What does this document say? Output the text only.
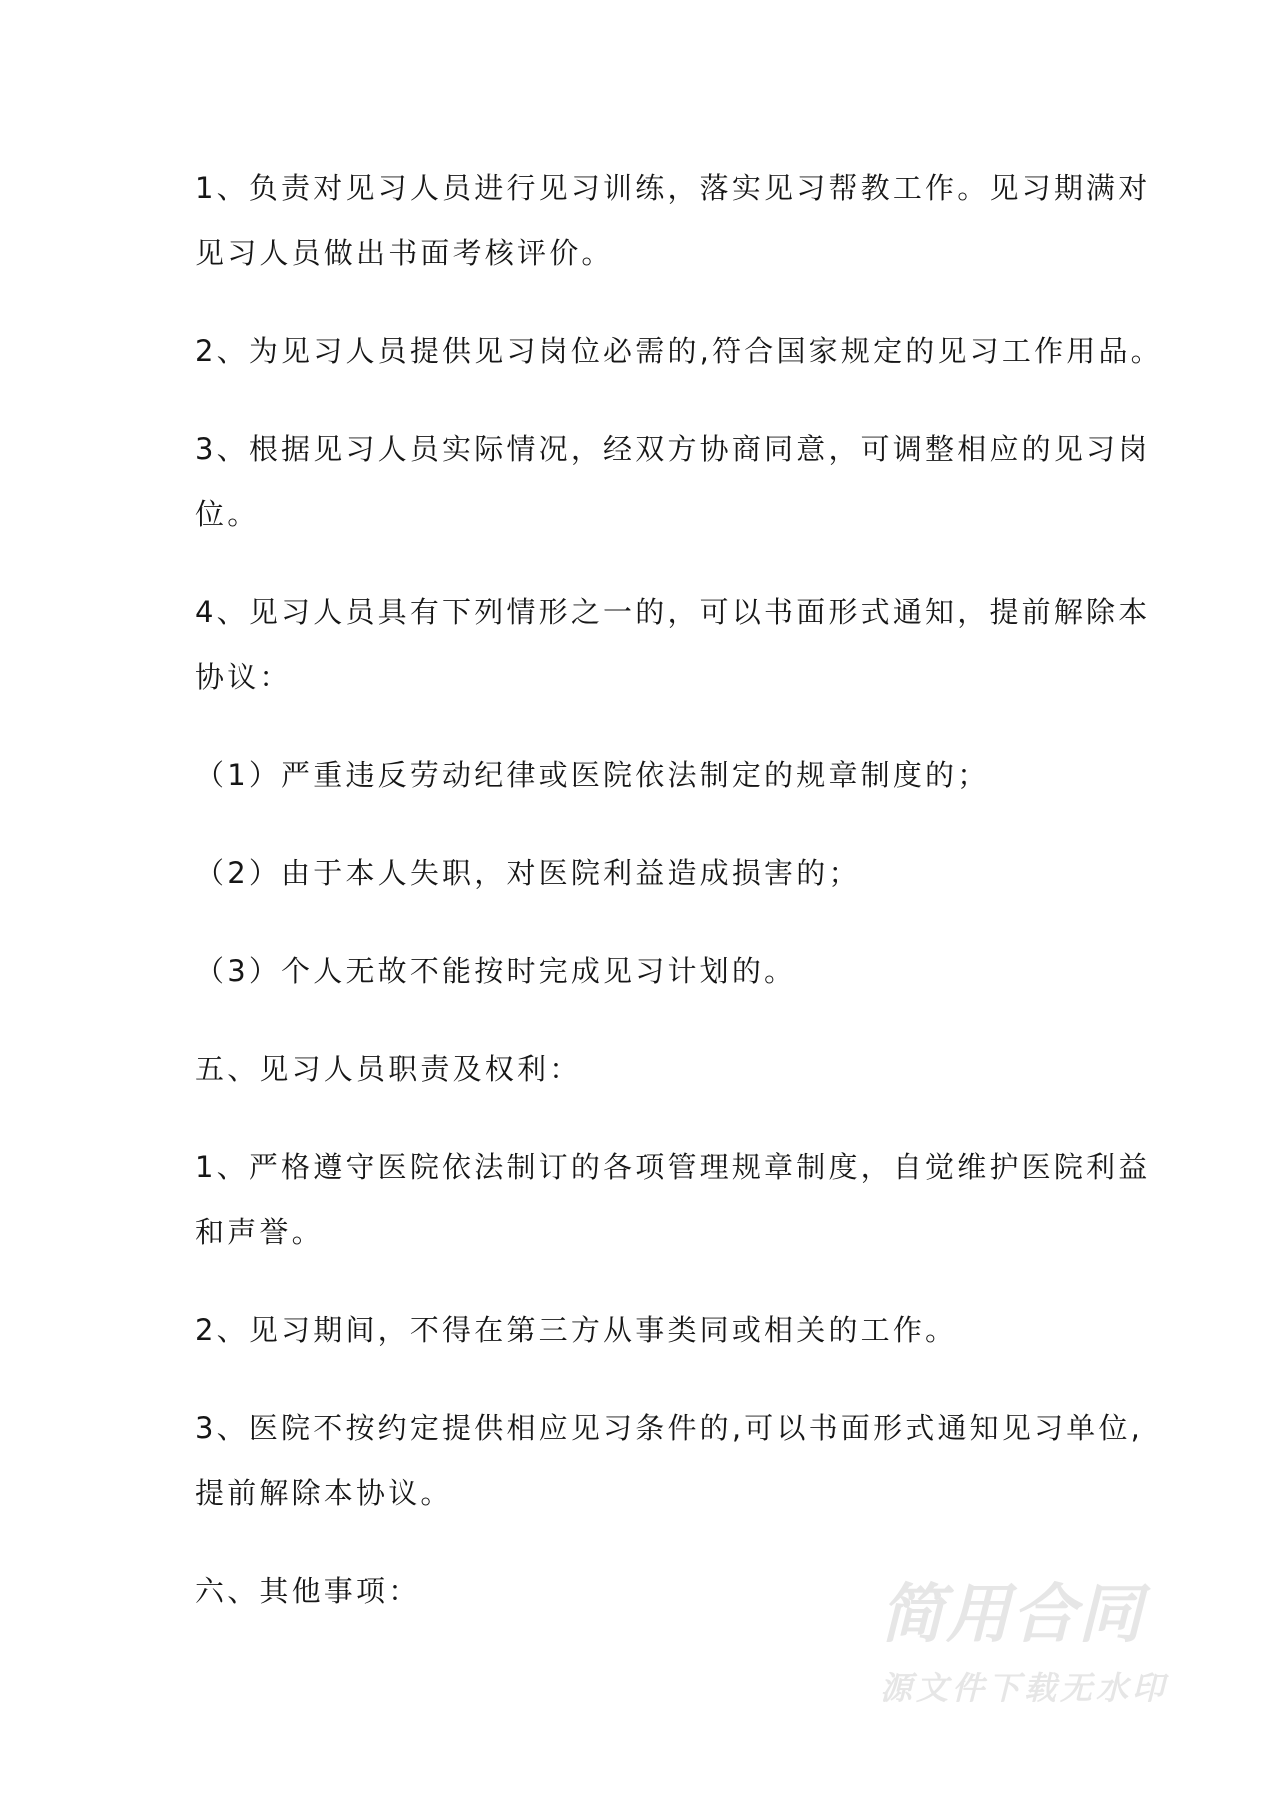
1、负责对见习人员进行见习训练，落实见习帮教工作。见习期满对
见习人员做出书面考核评价。
2、为见习人员提供见习岗位必需的,符合国家规定的见习工作用品。
3、根据见习人员实际情况，经双方协商同意，可调整相应的见习岗
位。
4、见习人员具有下列情形之一的，可以书面形式通知，提前解除本
协议：
（1）严重违反劳动纪律或医院依法制定的规章制度的；
（2）由于本人失职，对医院利益造成损害的；
（3）个人无故不能按时完成见习计划的。
五、见习人员职责及权利：
1、严格遵守医院依法制订的各项管理规章制度，自觉维护医院利益
和声誉。
2、见习期间，不得在第三方从事类同或相关的工作。
3、医院不按约定提供相应见习条件的,可以书面形式通知见习单位,
提前解除本协议。
六、其他事项：	简用合同
源文件下载无水印
